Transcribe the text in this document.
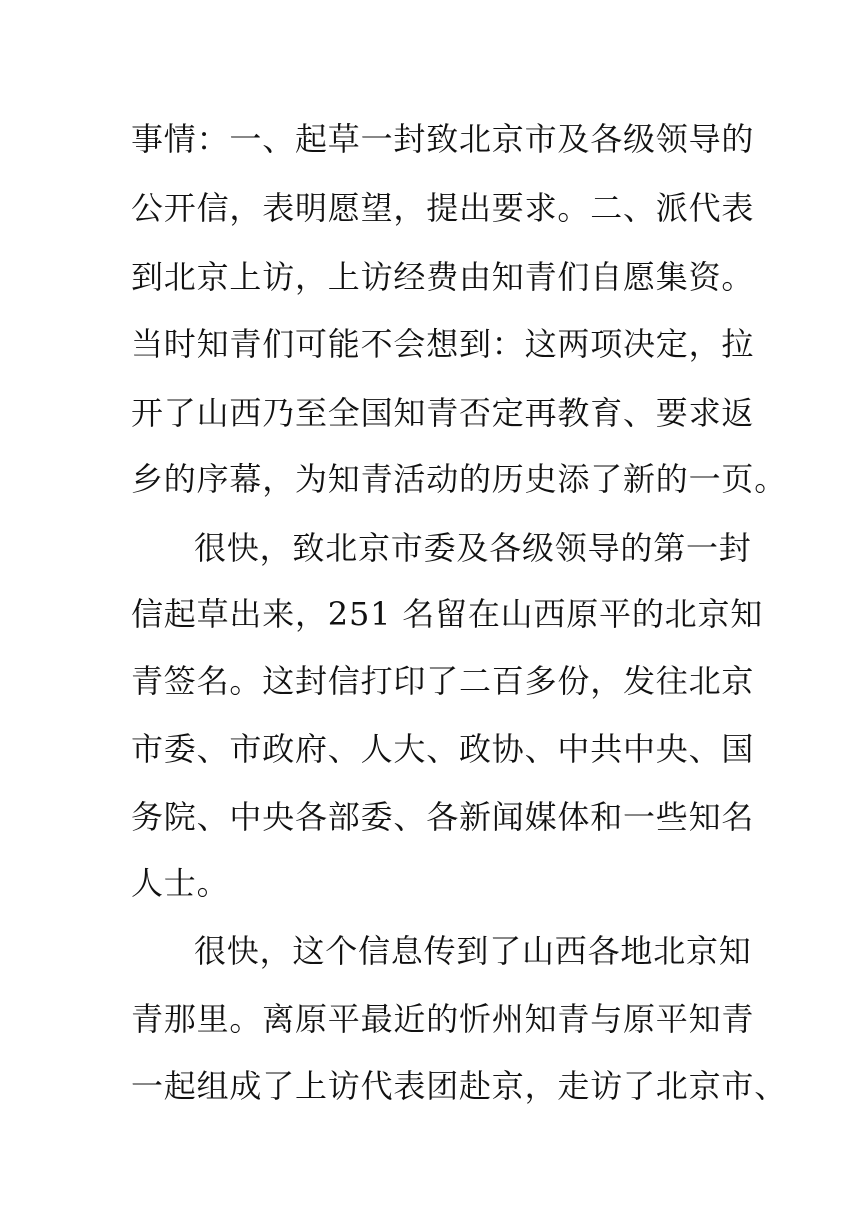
事情：一、起草一封致北京市及各级领导的
公开信，表明愿望，提出要求。二、派代表
到北京上访，上访经费由知青们自愿集资。
当时知青们可能不会想到：这两项决定，拉
开了山西乃至全国知青否定再教育、要求返
乡的序幕，为知青活动的历史添了新的一页。
很快，致北京市委及各级领导的第一封
信起草出来，251 名留在山西原平的北京知
青签名。这封信打印了二百多份，发往北京
市委、市政府、人大、政协、中共中央、国
务院、中央各部委、各新闻媒体和一些知名
人士。
很快，这个信息传到了山西各地北京知
青那里。离原平最近的忻州知青与原平知青
一起组成了上访代表团赴京，走访了北京市、
